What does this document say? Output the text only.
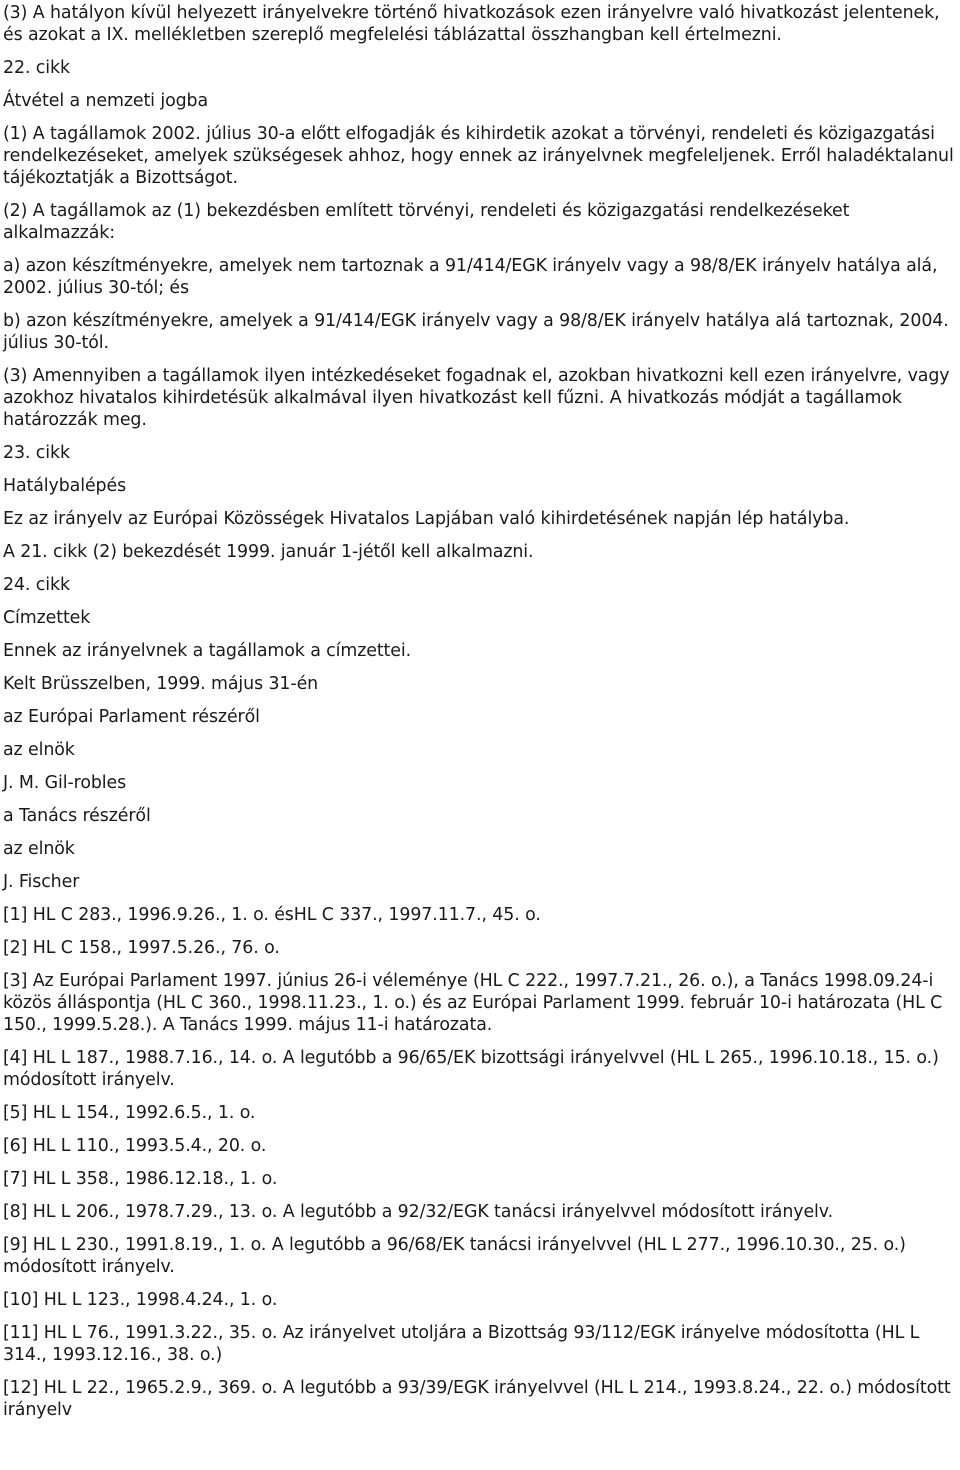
(3) A hatályon kívül helyezett irányelvekre történő hivatkozások ezen irányelvre való hivatkozást jelentenek, és azokat a IX. mellékletben szereplő megfelelési táblázattal összhangban kell értelmezni.

22. cikk

Átvétel a nemzeti jogba

(1) A tagállamok 2002. július 30-a előtt elfogadják és kihirdetik azokat a törvényi, rendeleti és közigazgatási rendelkezéseket, amelyek szükségesek ahhoz, hogy ennek az irányelvnek megfeleljenek. Erről haladéktalanul tájékoztatják a Bizottságot.

(2) A tagállamok az (1) bekezdésben említett törvényi, rendeleti és közigazgatási rendelkezéseket alkalmazzák:

a) azon készítményekre, amelyek nem tartoznak a 91/414/EGK irányelv vagy a 98/8/EK irányelv hatálya alá, 2002. július 30-tól; és

b) azon készítményekre, amelyek a 91/414/EGK irányelv vagy a 98/8/EK irányelv hatálya alá tartoznak, 2004. július 30-tól.

(3) Amennyiben a tagállamok ilyen intézkedéseket fogadnak el, azokban hivatkozni kell ezen irányelvre, vagy azokhoz hivatalos kihirdetésük alkalmával ilyen hivatkozást kell fűzni. A hivatkozás módját a tagállamok határozzák meg.

23. cikk

Hatálybalépés

Ez az irányelv az Európai Közösségek Hivatalos Lapjában való kihirdetésének napján lép hatályba.

A 21. cikk (2) bekezdését 1999. január 1-jétől kell alkalmazni.

24. cikk

Címzettek

Ennek az irányelvnek a tagállamok a címzettei.

Kelt Brüsszelben, 1999. május 31-én

az Európai Parlament részéről

az elnök

J. M. Gil-robles

a Tanács részéről

az elnök

J. Fischer

[1] HL C 283., 1996.9.26., 1. o. ésHL C 337., 1997.11.7., 45. o.

[2] HL C 158., 1997.5.26., 76. o.

[3] Az Európai Parlament 1997. június 26-i véleménye (HL C 222., 1997.7.21., 26. o.), a Tanács 1998.09.24-i közös álláspontja (HL C 360., 1998.11.23., 1. o.) és az Európai Parlament 1999. február 10-i határozata (HL C 150., 1999.5.28.). A Tanács 1999. május 11-i határozata.

[4] HL L 187., 1988.7.16., 14. o. A legutóbb a 96/65/EK bizottsági irányelvvel (HL L 265., 1996.10.18., 15. o.) módosított irányelv.

[5] HL L 154., 1992.6.5., 1. o.

[6] HL L 110., 1993.5.4., 20. o.

[7] HL L 358., 1986.12.18., 1. o.

[8] HL L 206., 1978.7.29., 13. o. A legutóbb a 92/32/EGK tanácsi irányelvvel módosított irányelv.

[9] HL L 230., 1991.8.19., 1. o. A legutóbb a 96/68/EK tanácsi irányelvvel (HL L 277., 1996.10.30., 25. o.) módosított irányelv.

[10] HL L 123., 1998.4.24., 1. o.

[11] HL L 76., 1991.3.22., 35. o. Az irányelvet utoljára a Bizottság 93/112/EGK irányelve módosította (HL L 314., 1993.12.16., 38. o.)

[12] HL L 22., 1965.2.9., 369. o. A legutóbb a 93/39/EGK irányelvvel (HL L 214., 1993.8.24., 22. o.) módosított irányelv
